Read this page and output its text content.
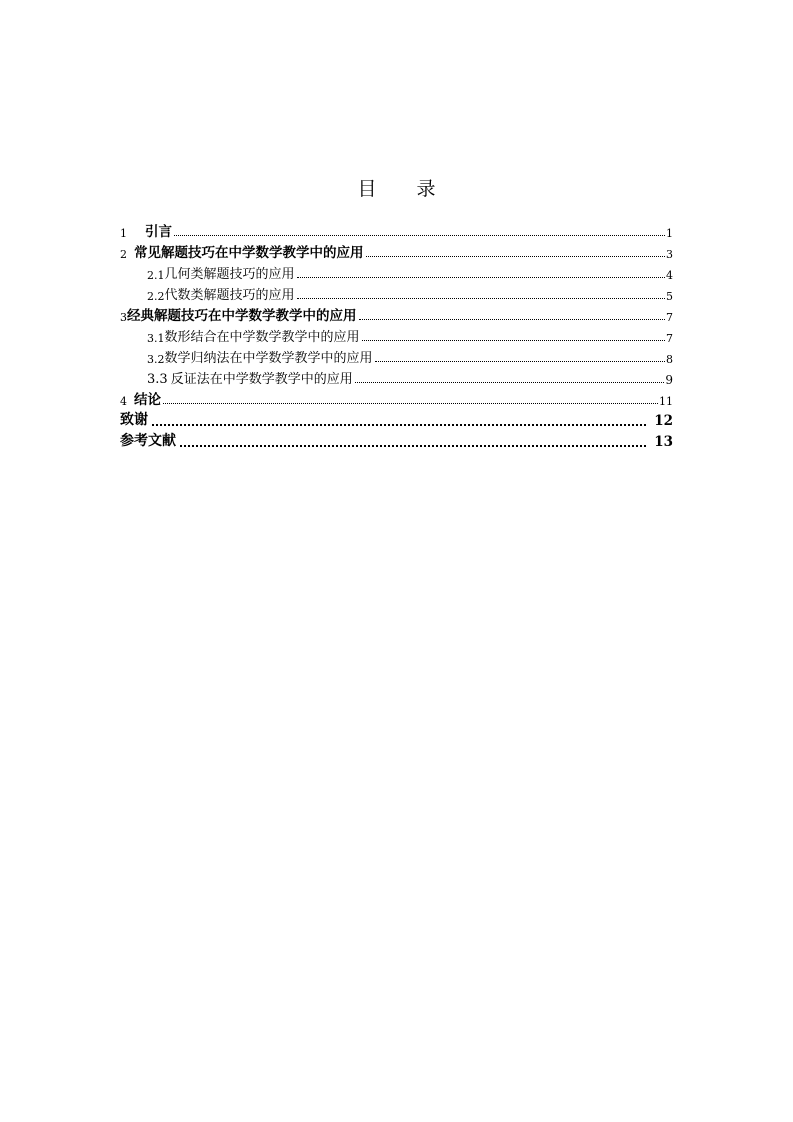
目 录
1 引言	1
2 常见解题技巧在中学数学教学中的应用	3
2.1 几何类解题技巧的应用	4
2.2 代数类解题技巧的应用	5
3 经典解题技巧在中学数学教学中的应用	7
3.1 数形结合在中学数学教学中的应用	7
3.2 数学归纳法在中学数学教学中的应用	8
3.3 反证法在中学数学教学中的应用	9
4 结论	11
致谢	12
参考文献	13
